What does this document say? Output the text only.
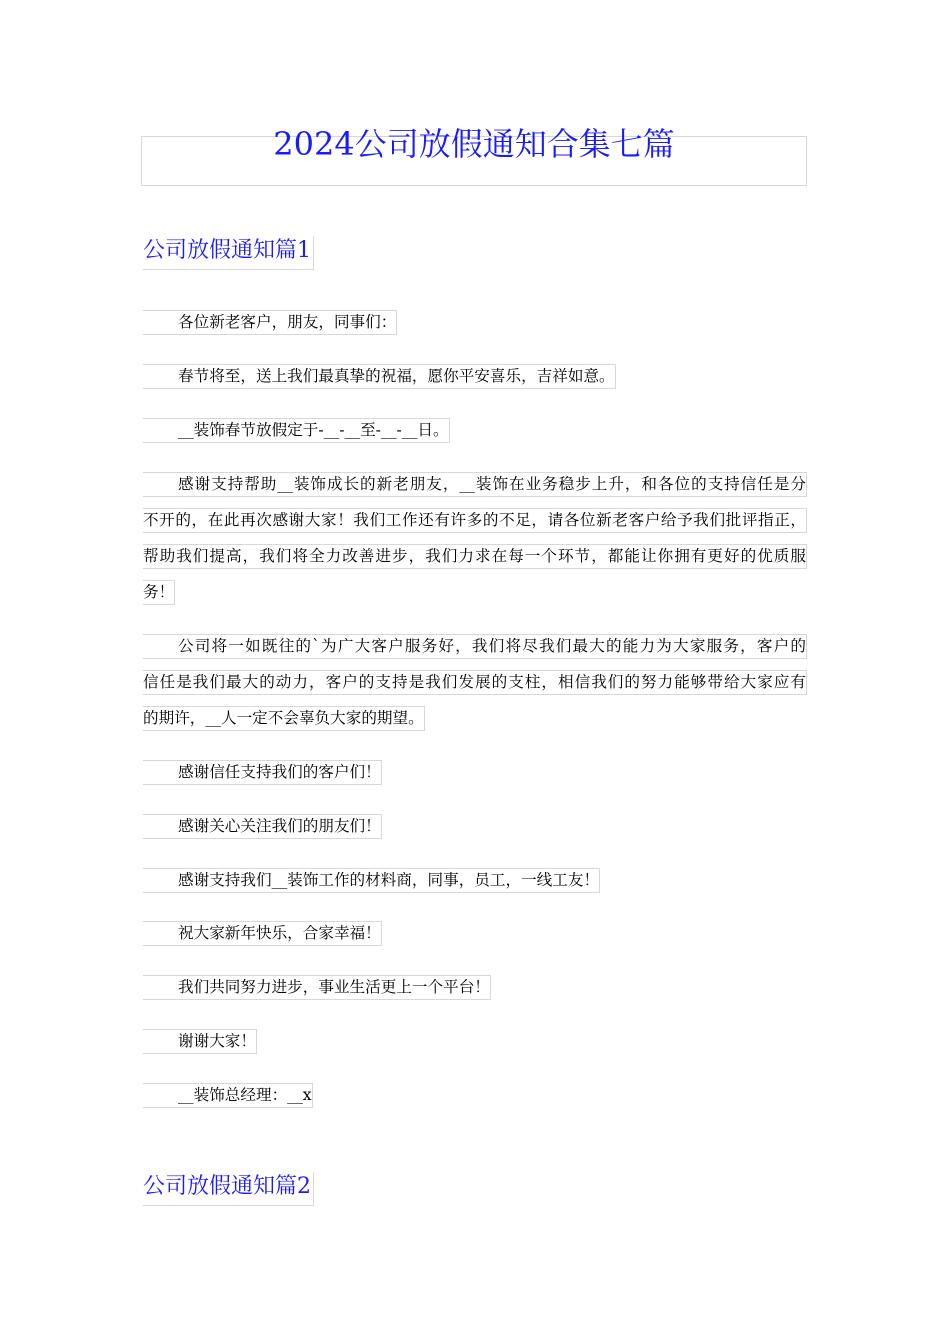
2024公司放假通知合集七篇
公司放假通知篇1
各位新老客户，朋友，同事们：
春节将至，送上我们最真挚的祝福，愿你平安喜乐，吉祥如意。
__装饰春节放假定于-__-__至-__-__日。
感谢支持帮助__装饰成长的新老朋友，__装饰在业务稳步上升，和各位的支持信任是分
不开的，在此再次感谢大家！我们工作还有许多的不足，请各位新老客户给予我们批评指正，
帮助我们提高，我们将全力改善进步，我们力求在每一个环节，都能让你拥有更好的优质服
务！
公司将一如既往的`为广大客户服务好，我们将尽我们最大的能力为大家服务，客户的
信任是我们最大的动力，客户的支持是我们发展的支柱，相信我们的努力能够带给大家应有
的期许，__人一定不会辜负大家的期望。
感谢信任支持我们的客户们！
感谢关心关注我们的朋友们！
感谢支持我们__装饰工作的材料商，同事，员工，一线工友！
祝大家新年快乐，合家幸福！
我们共同努力进步，事业生活更上一个平台！
谢谢大家！
__装饰总经理：__x
公司放假通知篇2
